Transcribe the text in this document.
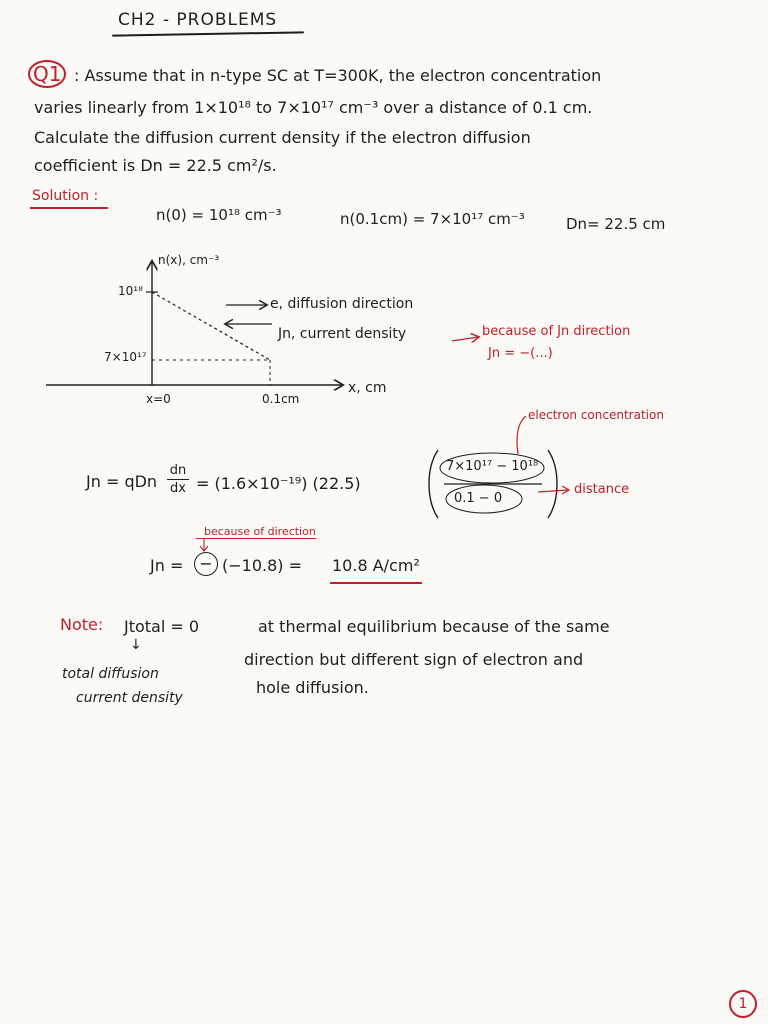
CH2 - PROBLEMS
Q1 : Assume that in n-type SC at T=300K, the electron concentration
varies linearly from 1×10¹⁸ to 7×10¹⁷ cm⁻³ over a distance of 0.1 cm.
Calculate the diffusion current density if the electron diffusion
coefficient is Dn = 22.5 cm²/s.
Solution :
n(0) = 10¹⁸ cm⁻³	n(0.1cm) = 7×10¹⁷ cm⁻³	Dn= 22.5 cm
n(x), cm⁻³
10¹⁸
7×10¹⁷
x=0	0.1cm
x, cm
e, diffusion direction
Jn, current density	because of Jn direction
Jn = −(...)
electron concentration
Jn = qDn
dn
dx = (1.6×10⁻¹⁹) (22.5)
7×10¹⁷ − 10¹⁸
0.1 − 0
distance
because of direction
Jn = − (−10.8) = 10.8 A/cm²
Note: Jtotal = 0
↓
total diffusion
current density
at thermal equilibrium because of the same
direction but different sign of electron and
hole diffusion.
1
